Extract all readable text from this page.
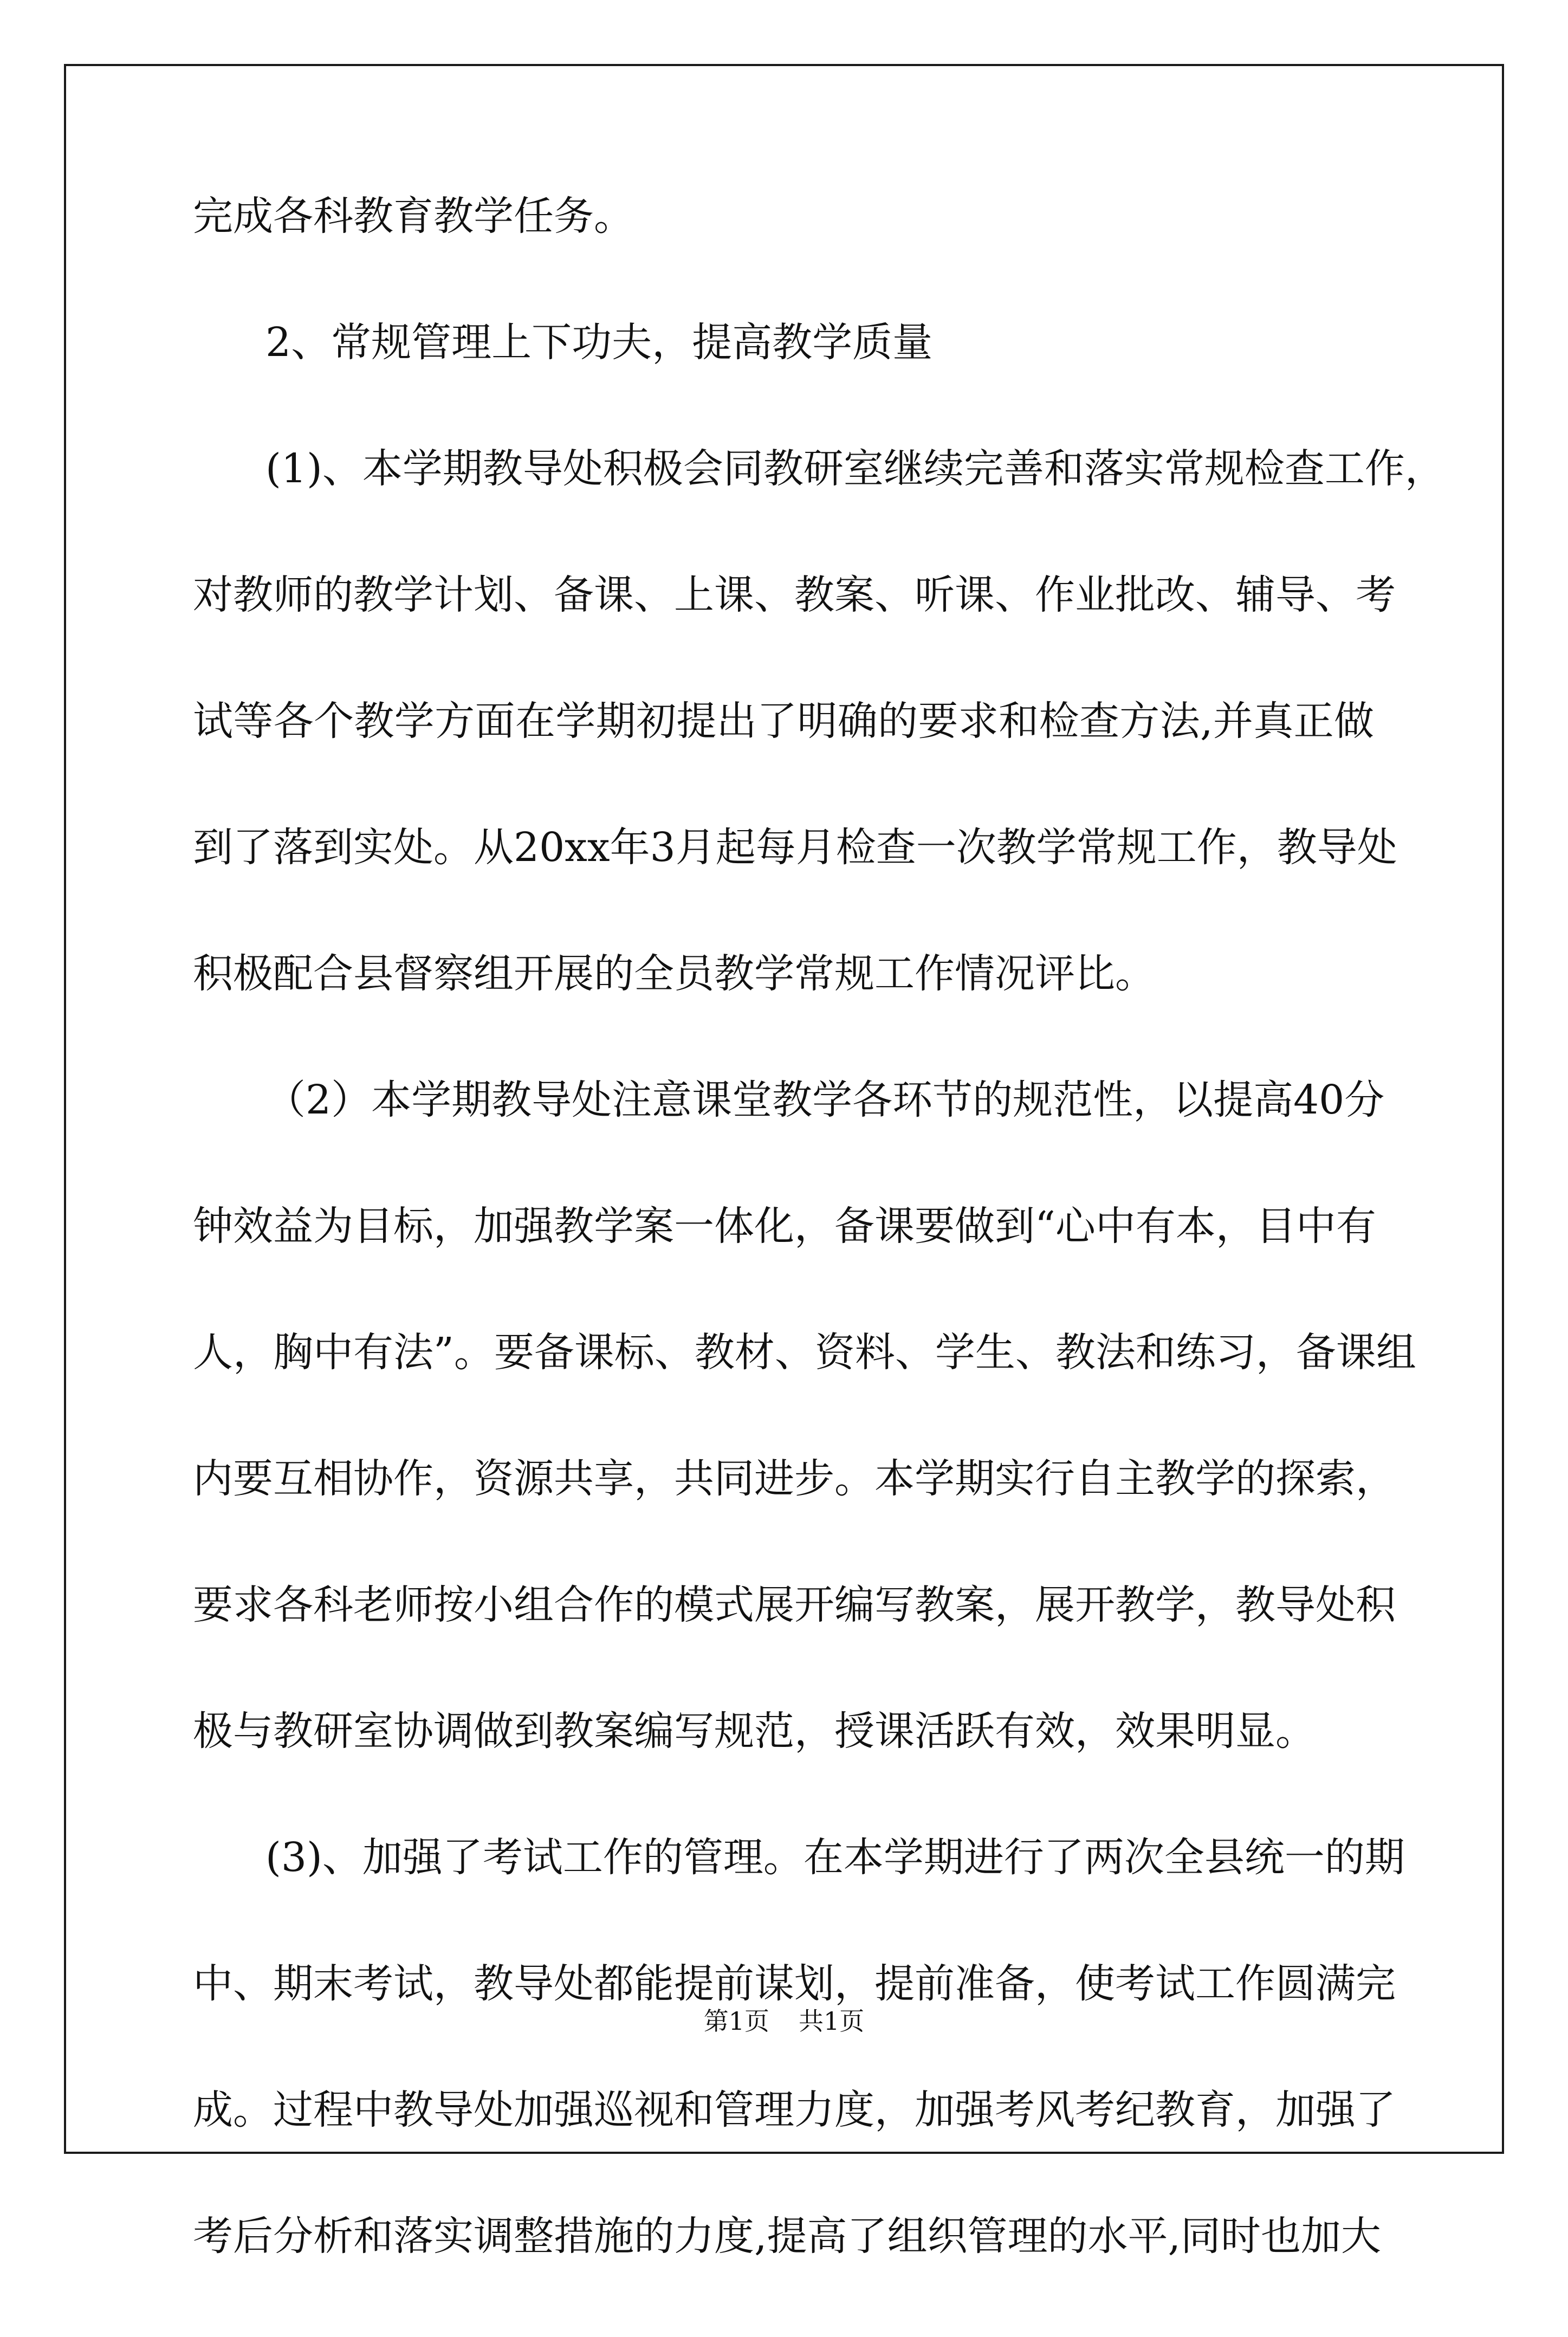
完成各科教育教学任务。

2、常规管理上下功夫，提高教学质量

(1)、本学期教导处积极会同教研室继续完善和落实常规检查工作，

对教师的教学计划、备课、上课、教案、听课、作业批改、辅导、考

试等各个教学方面在学期初提出了明确的要求和检查方法,并真正做

到了落到实处。从20xx年3月起每月检查一次教学常规工作，教导处

积极配合县督察组开展的全员教学常规工作情况评比。

（2）本学期教导处注意课堂教学各环节的规范性，以提高40分

钟效益为目标，加强教学案一体化，备课要做到“心中有本，目中有

人，胸中有法”。要备课标、教材、资料、学生、教法和练习，备课组

内要互相协作，资源共享，共同进步。本学期实行自主教学的探索，

要求各科老师按小组合作的模式展开编写教案，展开教学，教导处积

极与教研室协调做到教案编写规范，授课活跃有效，效果明显。

(3)、加强了考试工作的管理。在本学期进行了两次全县统一的期

中、期末考试，教导处都能提前谋划，提前准备，使考试工作圆满完

成。过程中教导处加强巡视和管理力度，加强考风考纪教育，加强了

考后分析和落实调整措施的力度,提高了组织管理的水平,同时也加大

第1页 共1页
